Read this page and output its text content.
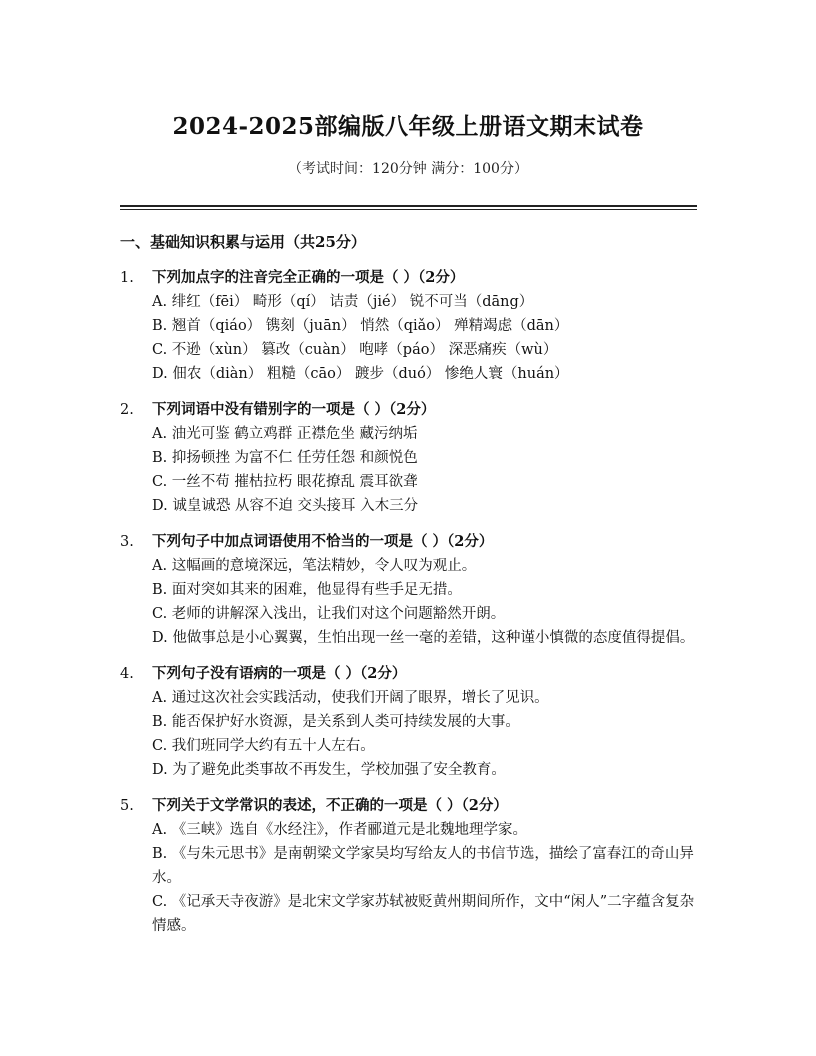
2024-2025部编版八年级上册语文期末试卷
（考试时间：120分钟 满分：100分）
一、基础知识积累与运用（共25分）
1.	下列加点字的注音完全正确的一项是（ ）（2分）
A. 绯红（fēi） 畸形（qí） 诘责（jié） 锐不可当（dāng）
B. 翘首（qiáo） 镌刻（juān） 悄然（qiǎo） 殚精竭虑（dān）
C. 不逊（xùn） 篡改（cuàn） 咆哮（páo） 深恶痛疾（wù）
D. 佃农（diàn） 粗糙（cāo） 踱步（duó） 惨绝人寰（huán）
2.	下列词语中没有错别字的一项是（ ）（2分）
A. 油光可鉴 鹤立鸡群 正襟危坐 藏污纳垢
B. 抑扬顿挫 为富不仁 任劳任怨 和颜悦色
C. 一丝不苟 摧枯拉朽 眼花撩乱 震耳欲聋
D. 诚皇诚恐 从容不迫 交头接耳 入木三分
3.	下列句子中加点词语使用不恰当的一项是（ ）（2分）
A. 这幅画的意境深远，笔法精妙，令人叹为观止。
B. 面对突如其来的困难，他显得有些手足无措。
C. 老师的讲解深入浅出，让我们对这个问题豁然开朗。
D. 他做事总是小心翼翼，生怕出现一丝一毫的差错，这种谨小慎微的态度值得提倡。
4.	下列句子没有语病的一项是（ ）（2分）
A. 通过这次社会实践活动，使我们开阔了眼界，增长了见识。
B. 能否保护好水资源，是关系到人类可持续发展的大事。
C. 我们班同学大约有五十人左右。
D. 为了避免此类事故不再发生，学校加强了安全教育。
5.	下列关于文学常识的表述，不正确的一项是（ ）（2分）
A. 《三峡》选自《水经注》，作者郦道元是北魏地理学家。
B. 《与朱元思书》是南朝梁文学家吴均写给友人的书信节选，描绘了富春江的奇山异水。
C. 《记承天寺夜游》是北宋文学家苏轼被贬黄州期间所作，文中“闲人”二字蕴含复杂情感。
